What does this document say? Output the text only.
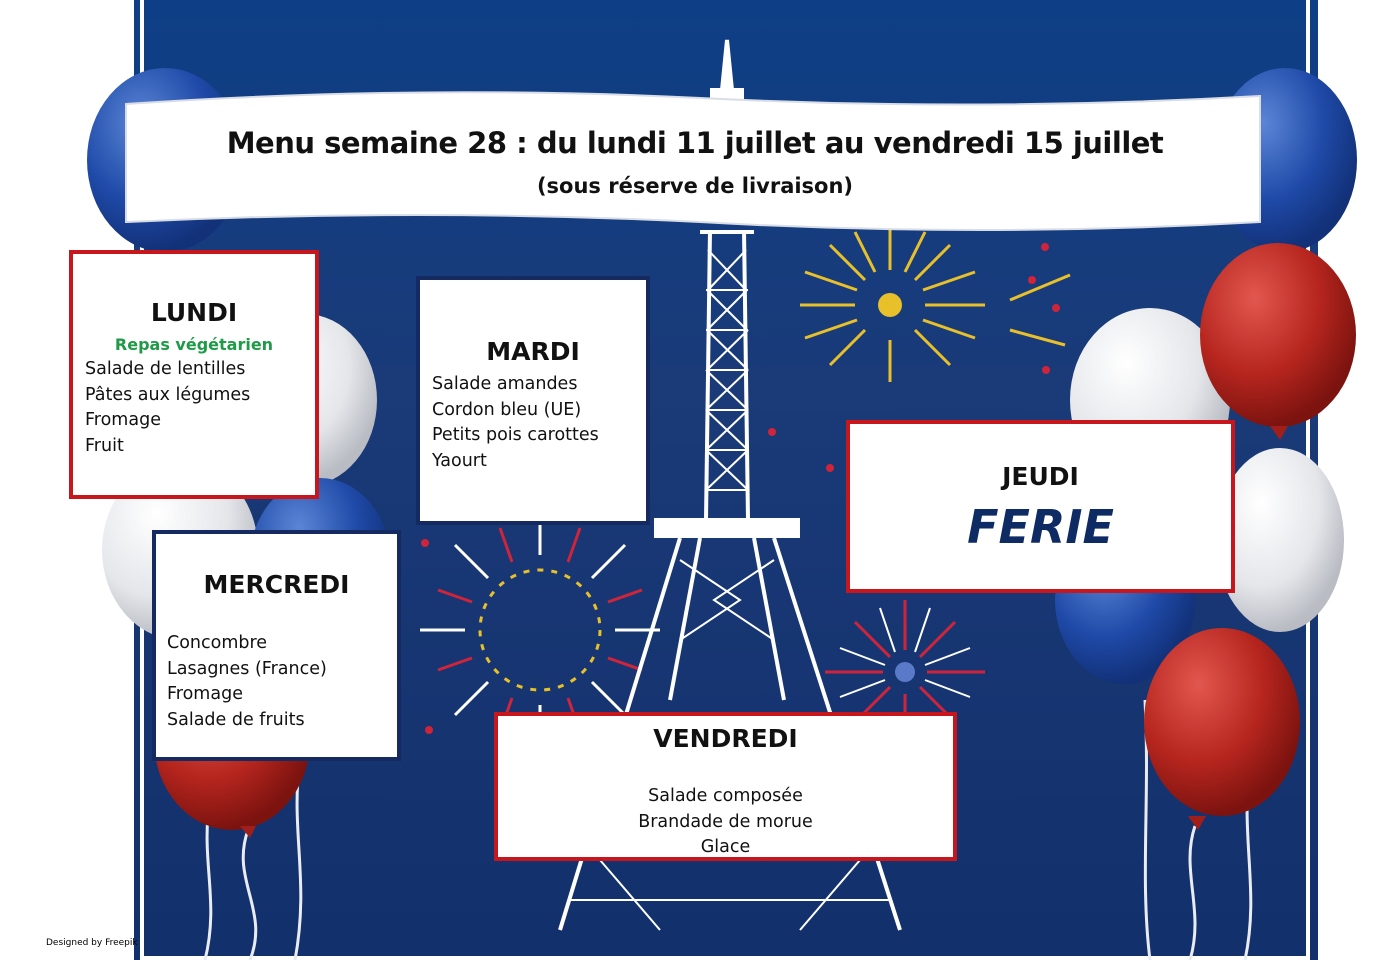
Menu semaine 28 : du lundi 11 juillet au vendredi 15 juillet
(sous réserve de livraison)
LUNDI
Repas végétarien
Salade de lentilles
Pâtes aux légumes
Fromage
Fruit
MARDI
Salade amandes
Cordon bleu (UE)
Petits pois carottes
Yaourt
MERCREDI
Concombre
Lasagnes (France)
Fromage
Salade de fruits
JEUDI
FERIE
VENDREDI
Salade composée
Brandade de morue
Glace
Designed by Freepik
